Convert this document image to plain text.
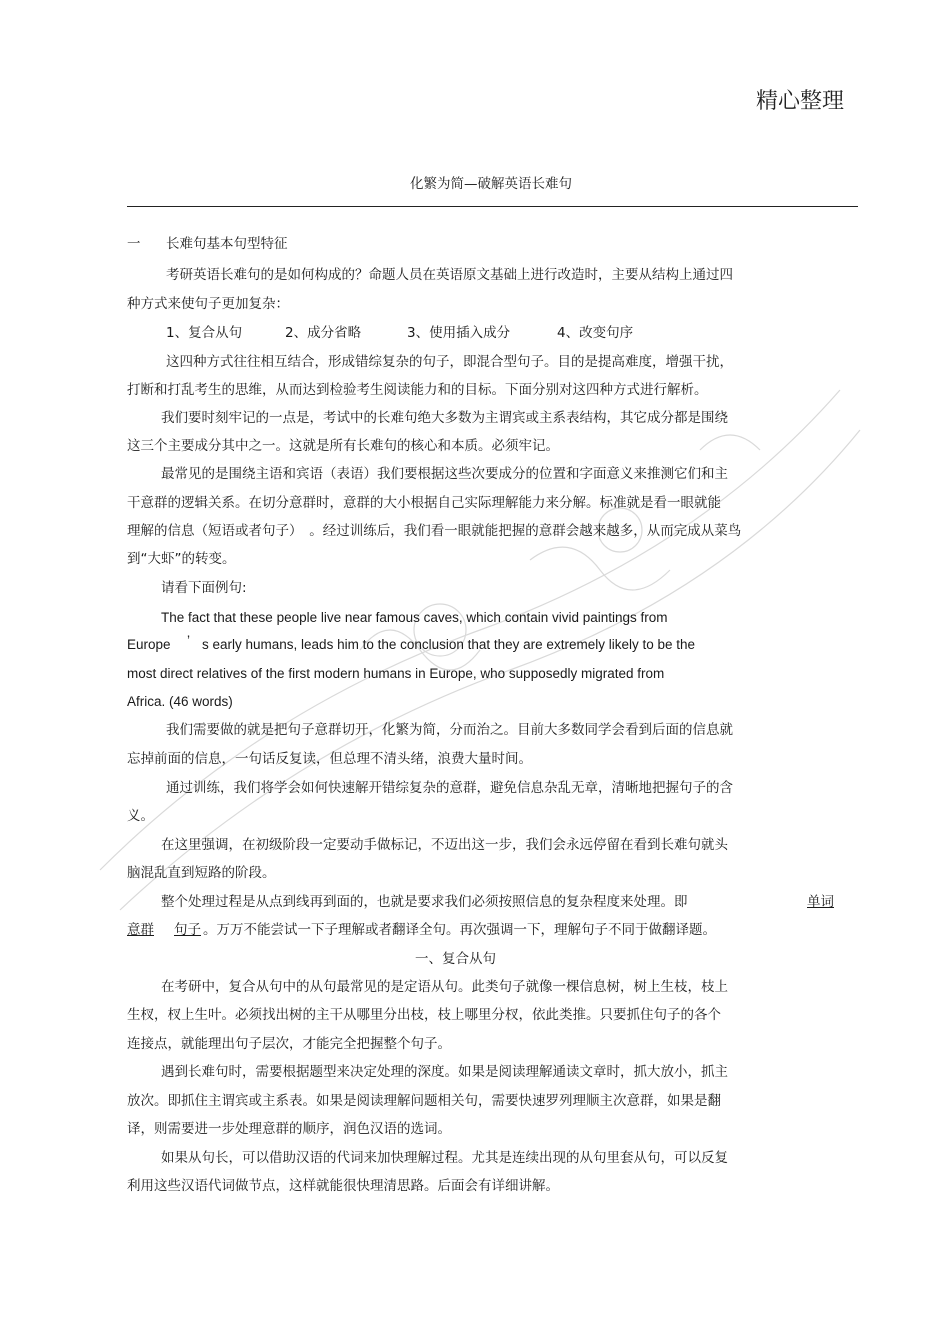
精心整理
化繁为简—破解英语长难句
一 长难句基本句型特征
考研英语长难句的是如何构成的？命题人员在英语原文基础上进行改造时，主要从结构上通过四
种方式来使句子更加复杂：
1、复合从句	2、成分省略	3、使用插入成分	4、改变句序
这四种方式往往相互结合，形成错综复杂的句子，即混合型句子。目的是提高难度，增强干扰，
打断和打乱考生的思维，从而达到检验考生阅读能力和的目标。下面分别对这四种方式进行解析。
我们要时刻牢记的一点是，考试中的长难句绝大多数为主谓宾或主系表结构，其它成分都是围绕
这三个主要成分其中之一。这就是所有长难句的核心和本质。必须牢记。
最常见的是围绕主语和宾语（表语）我们要根据这些次要成分的位置和字面意义来推测它们和主
干意群的逻辑关系。在切分意群时，意群的大小根据自己实际理解能力来分解。标准就是看一眼就能
理解的信息（短语或者句子）　。经过训练后，我们看一眼就能把握的意群会越来越多，从而完成从菜鸟
到“大虾”的转变。
请看下面例句:
The fact that these people live near famous caves, which contain vivid paintings from
Europe ’ s early humans, leads him to the conclusion that they are extremely likely to be the
most direct relatives of the first modern humans in Europe, who supposedly migrated from
Africa. (46 words)
我们需要做的就是把句子意群切开，化繁为简，分而治之。目前大多数同学会看到后面的信息就
忘掉前面的信息，一句话反复读，但总理不清头绪，浪费大量时间。
通过训练，我们将学会如何快速解开错综复杂的意群，避免信息杂乱无章，清晰地把握句子的含
义。
在这里强调，在初级阶段一定要动手做标记，不迈出这一步，我们会永远停留在看到长难句就头
脑混乱直到短路的阶段。
整个处理过程是从点到线再到面的，也就是要求我们必须按照信息的复杂程度来处理。即	单词
意群	句子 。万万不能尝试一下子理解或者翻译全句。再次强调一下，理解句子不同于做翻译题。
一、复合从句
在考研中，复合从句中的从句最常见的是定语从句。此类句子就像一棵信息树，树上生枝，枝上
生杈，杈上生叶。必须找出树的主干从哪里分出枝，枝上哪里分杈，依此类推。只要抓住句子的各个
连接点，就能理出句子层次，才能完全把握整个句子。
遇到长难句时，需要根据题型来决定处理的深度。如果是阅读理解通读文章时，抓大放小，抓主
放次。即抓住主谓宾或主系表。如果是阅读理解问题相关句，需要快速罗列理顺主次意群，如果是翻
译，则需要进一步处理意群的顺序，润色汉语的选词。
如果从句长，可以借助汉语的代词来加快理解过程。尤其是连续出现的从句里套从句，可以反复
利用这些汉语代词做节点，这样就能很快理清思路。后面会有详细讲解。
